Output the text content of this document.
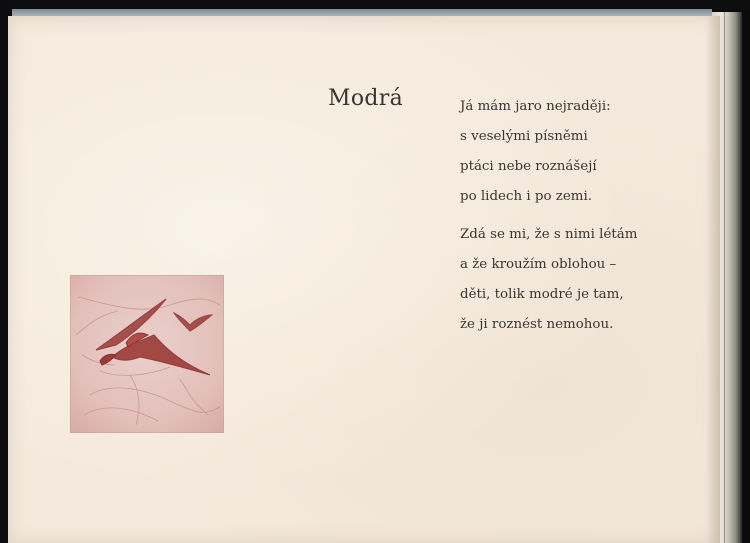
Modrá	Já mám jaro nejraději:
s veselými písněmi
ptáci nebe roznášejí
po lidech i po zemi.
Zdá se mi, že s nimi létám
a že kroužím oblohou –
děti, tolik modré je tam,
že ji roznést nemohou.
